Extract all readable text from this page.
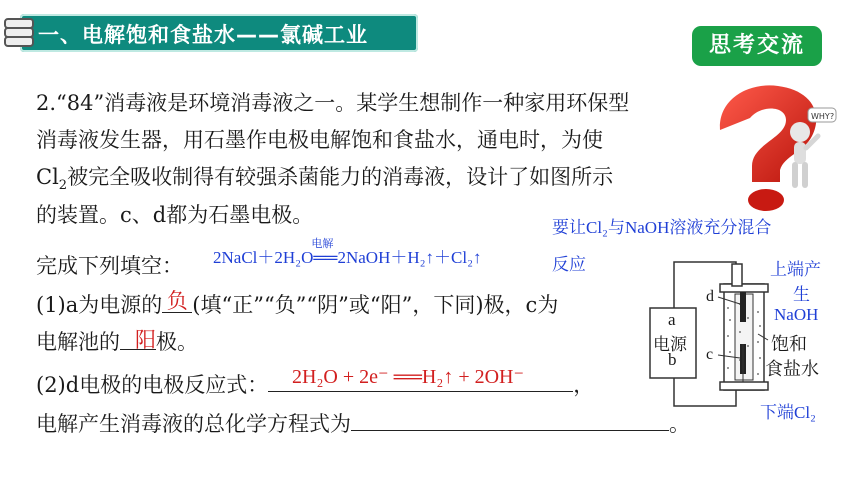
一、电解饱和食盐水——氯碱工业	思考交流
WHY?
2.“84”消毒液是环境消毒液之一。某学生想制作一种家用环保型
消毒液发生器，用石墨作电极电解饱和食盐水，通电时，为使
$Cl_2$被完全吸收制得有较强杀菌能力的消毒液，设计了如图所示
的装置。c、d都为石墨电极。
完成下列填空： 2NaCl＋2H₂O
电解
══2NaOH＋H₂↑＋Cl₂↑
(1)a为电源的 负 (填“正”“负”“阴”或“阳”，下同)极，c为
电解池的 阳极。
(2)d电极的电极反应式：	，
2H₂O + 2e⁻ ══H₂↑ + 2OH⁻
电解产生消毒液的总化学方程式为	。
要让Cl₂与NaOH溶液充分混合
反应	上端产
生
NaOH
下端Cl₂
饱和
食盐水
a
电源
b
d
c
